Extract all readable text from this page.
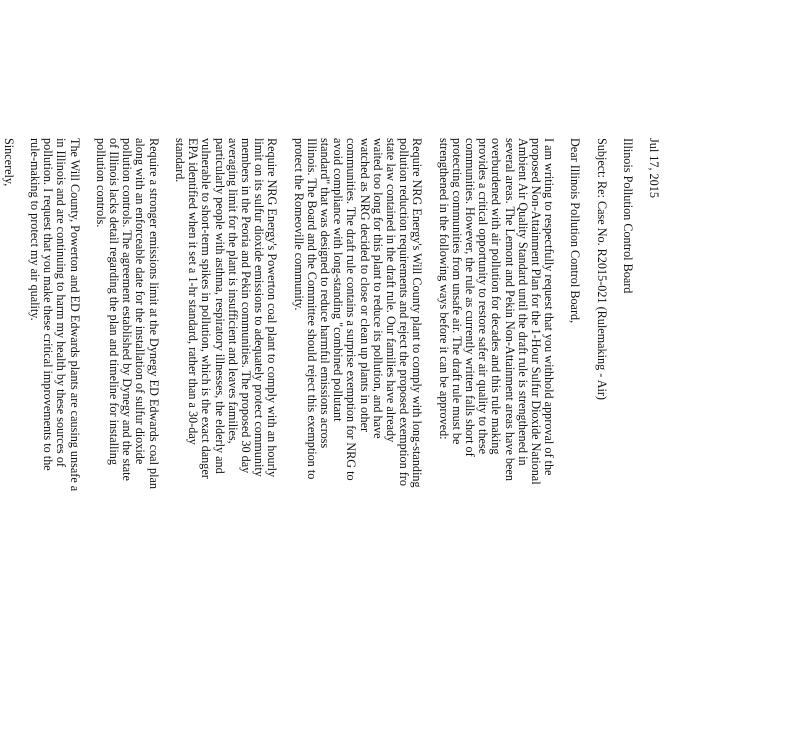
Jul 17, 2015
Illinois Pollution Control Board
Subject: Re: Case No. R2015-021 (Rulemaking - Air)
Dear Illinois Pollution Control Board,
I am writing to respectfully request that you withhold approval of the
proposed Non-Attainment Plan for the 1-Hour Sulfur Dioxide National
Ambient Air Quality Standard until the draft rule is strengthened in
several areas. The Lemont and Pekin Non-Attainment areas have been
overburdened with air pollution for decades and this rule making
provides a critical opportunity to restore safer air quality to these
communities. However, the rule as currently written falls short of
protecting communities from unsafe air. The draft rule must be
strengthened in the following ways before it can be approved:
Require NRG Energy's Will County plant to comply with long-standing
pollution reduction requirements and reject the proposed exemption fro
state law contained in the draft rule. Our families have already
waited too long for this plant to reduce its pollution, and have
watched as NRG decided to close or clean up plants in other
communities. The draft rule contains a surprise exemption for NRG to
avoid compliance with long-standing "combined pollutant
standard" that was designed to reduce harmful emissions across
Illinois. The Board and the Committee should reject this exemption to
protect the Romeoville community.
Require NRG Energy's Powerton coal plant to comply with an hourly
limit on its sulfur dioxide emissions to adequately protect community
members in the Peoria and Pekin communities. The proposed 30 day
averaging limit for the plant is insufficient and leaves families,
particularly people with asthma, respiratory illnesses, the elderly and
vulnerable to short-term spikes in pollution, which is the exact danger
EPA identified when it set a 1-hr standard, rather than a 30-day
standard.
Require a stronger emissions limit at the Dynegy ED Edwards coal plan
along with an enforceable date for the installation of sulfur dioxide
pollution controls. The agreement established by Dynegy and the state
of Illinois lacks detail regarding the plan and timeline for installing
pollution controls.
The Will County, Powerton and ED Edwards plants are causing unsafe a
in Illinois and are continuing to harm my health by these sources of
pollution. I request that you make these critical improvements to the
rule-making to protect my air quality.
Sincerely,
